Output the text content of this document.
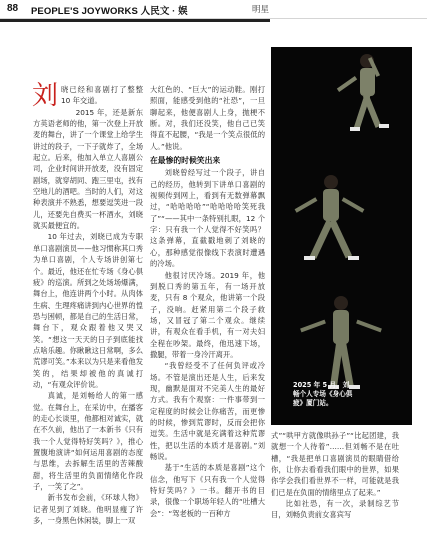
88 PEOPLE'S JOYWORKS 人民文 · 娱	明星

刘晓已经和喜剧打了整整 10 年交道。

2015 年，还是新东方英语老师的他，第一次登上开放麦的舞台，讲了一个课堂上给学生讲过的段子，一下子就炸了，全场起立。后来，他加入单立人喜剧公司，企业时间讲开放麦，没有固定剧场，就穿胡同、跑三里屯，找有空地儿的酒吧。当时的人们，对这种表演并不熟悉，想要逗笑进一段儿，还要先自费买一杯酒水，刘晓就买最便宜的。

10 年过去，刘晓已成为专职单口喜剧演员——他习惯称其口秀为单口喜剧，个人专场讲创第七个。最近，他还在忙专场《身心俱疲》的巡演。所到之处场场爆满，舞台上，他连讲两个小时。从肉体生病、生理疼痛讲到内心世界的惶恐与困顿，都是自己的生活日常，舞台下，观众跟着他又哭又笑。“想这一天天的日子到底能找点啥乐趣。你瞅瞅这日常啊，多么荒谬可笑。”本来以为只是来看他发笑的，结果却被他的真诚打动，“有观众评价说。

真诚，是刘畅给人的第一感觉。在舞台上，在采访中，在播客的走心长谈里，他都相对诚实，就在不久前，他出了一本新书《只有我一个人觉得特好笑吗？》，推心置腹地演讲“如何运用喜剧的态度与思维，去拆解生活里的苦辣酸甜，将生活里的负面情绪化作段子，一笑了之”。

新书发布会前，《环球人物》记者见到了刘晓。他明显瘦了许多，一身黑色休闲装，脚上一双

大红色的、“巨大”的运动鞋。刚打照面，能感受到他的“社恐”，一旦聊起来，他便喜剧人上身，抛梗不断。对，我们还没笑，他自己已笑得直不起腰，“我是一个笑点很低的人。”他说。

在最惨的时候笑出来

刘晓曾经写过一个段子，讲自己的经历，他转到下讲单口喜剧的视频传到网上，看到有无数弹幕飘过，“哈哈哈哈”“哈哈哈哈笑死我了”“——其中一条特别扎眼，12 个字：只有我一个人觉得不好笑吗？这条弹幕，直截戳地刺了刘晓的心，那种感觉很像线下表演时遭遇的冷场。

他很讨厌冷场。2019 年，他到脱口秀的第五年，有一场开放麦，只有 8 个观众，他讲第一个段子，没响。赶紧用第二个段子救场，又冒冠了第二个观众。继续讲，有观众在看手机，有一对夫妇全程在吵架。最终，他迅速下场，撒腿，带着一身冷汗离开。

“我曾经受不了任何负评或冷场。不管是演出还是人生，后来发现，幽默是面对不完美人生的最好方式。我有个观察：一件事带到一定程度的时候会让你痛苦，而更惨的时候，惨到荒谬时，反而会把你逗笑。生活中就是充满着这种荒谬性，把以生活的本质才是喜剧。”刘畅说。

基于“生活的本质是喜剧”这个信念，他写下《只有我一个人觉得特好笑吗？》一书。翻开书的目录，很像一个职场年轻人的“吐槽大会”：“驾老板的一百种方

2025 年 5 月，刘畅个人专场《身心俱疲》厦门站。

式”“哄甲方就像哄孙子”“比起团建，我就想一个人待着”……但刘畅不是在吐槽，“我是把单口喜剧演员的眼睛借给你，让你去看看我们眼中的世界，如果你学会我们看世界不一样，可能就是我们已是在负面的情绪里点了起来。”

比如社恐，有一次，录制综艺节目，刘畅负责前女喜宾写
